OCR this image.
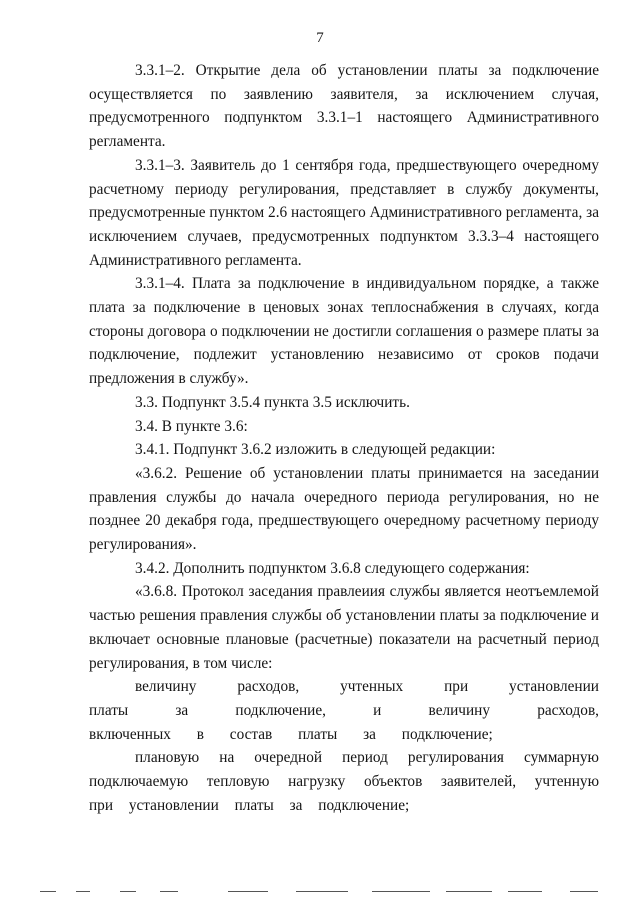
7

3.3.1–2. Открытие дела об установлении платы за подключение осуществляется по заявлению заявителя, за исключением случая, предусмотренного подпунктом 3.3.1–1 настоящего Административного регламента.

3.3.1–3. Заявитель до 1 сентября года, предшествующего очередному расчетному периоду регулирования, представляет в службу документы, предусмотренные пунктом 2.6 настоящего Административного регламента, за исключением случаев, предусмотренных подпунктом 3.3.3–4 настоящего Административного регламента.

3.3.1–4. Плата за подключение в индивидуальном порядке, а также плата за подключение в ценовых зонах теплоснабжения в случаях, когда стороны договора о подключении не достигли соглашения о размере платы за подключение, подлежит установлению независимо от сроков подачи предложения в службу».

3.3. Подпункт 3.5.4 пункта 3.5 исключить.

3.4. В пункте 3.6:

3.4.1. Подпункт 3.6.2 изложить в следующей редакции:

«3.6.2. Решение об установлении платы принимается на заседании правления службы до начала очередного периода регулирования, но не позднее 20 декабря года, предшествующего очередному расчетному периоду регулирования».

3.4.2. Дополнить подпунктом 3.6.8 следующего содержания:

«3.6.8. Протокол заседания правлеиия службы является неотъемлемой частью решения правления службы об установлении платы за подключение и включает основные плановые (расчетные) показатели на расчетный период регулирования, в том числе:

величину расходов, учтенных при установлении платы за подключение, и величину расходов, включенных в состав платы за подключение;

плановую на очередной период регулирования суммарную подключаемую тепловую нагрузку объектов заявителей, учтенную при установлении платы за подключение;
